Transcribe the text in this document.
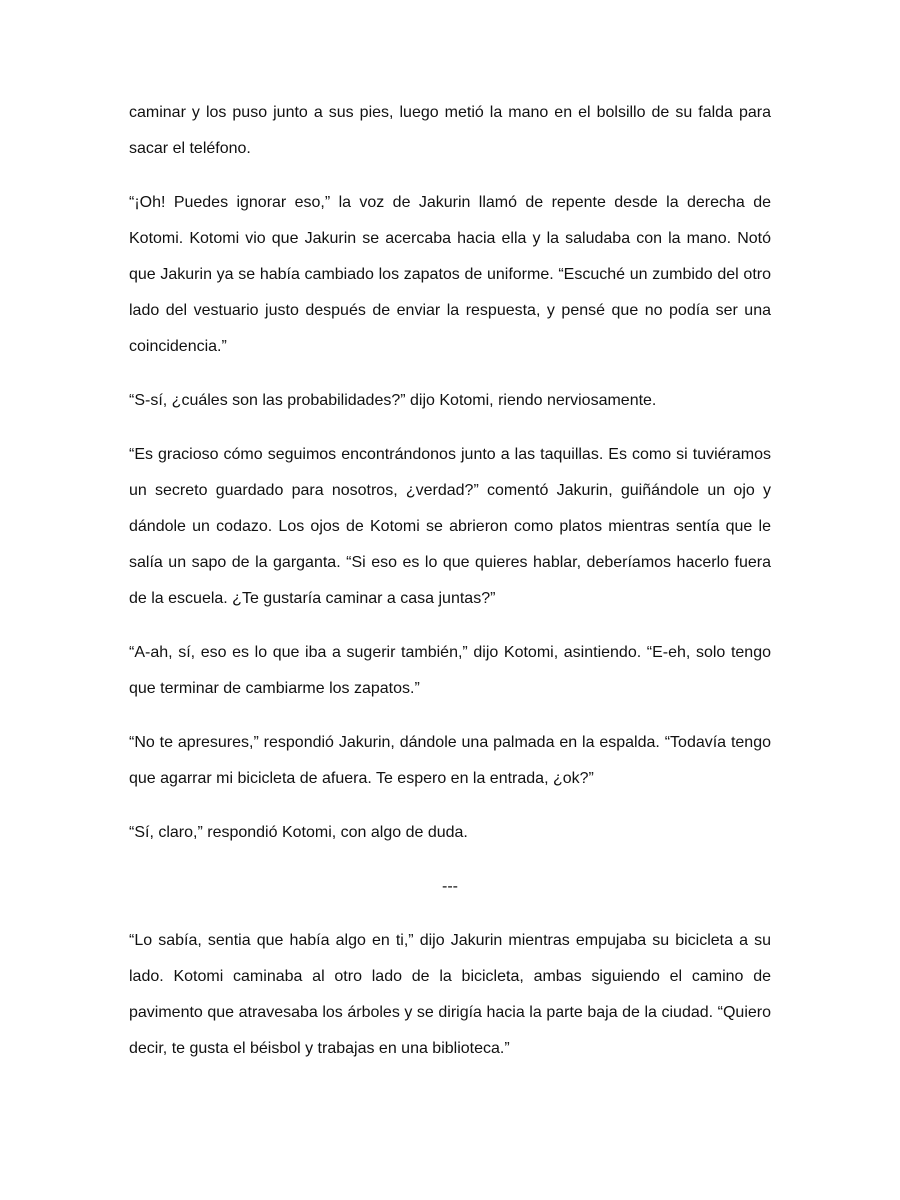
caminar y los puso junto a sus pies, luego metió la mano en el bolsillo de su falda para sacar el teléfono.

“¡Oh! Puedes ignorar eso,” la voz de Jakurin llamó de repente desde la derecha de Kotomi. Kotomi vio que Jakurin se acercaba hacia ella y la saludaba con la mano. Notó que Jakurin ya se había cambiado los zapatos de uniforme. “Escuché un zumbido del otro lado del vestuario justo después de enviar la respuesta, y pensé que no podía ser una coincidencia.”

“S-sí, ¿cuáles son las probabilidades?” dijo Kotomi, riendo nerviosamente.

“Es gracioso cómo seguimos encontrándonos junto a las taquillas. Es como si tuviéramos un secreto guardado para nosotros, ¿verdad?” comentó Jakurin, guiñándole un ojo y dándole un codazo. Los ojos de Kotomi se abrieron como platos mientras sentía que le salía un sapo de la garganta. “Si eso es lo que quieres hablar, deberíamos hacerlo fuera de la escuela. ¿Te gustaría caminar a casa juntas?”

“A-ah, sí, eso es lo que iba a sugerir también,” dijo Kotomi, asintiendo. “E-eh, solo tengo que terminar de cambiarme los zapatos.”

“No te apresures,” respondió Jakurin, dándole una palmada en la espalda. “Todavía tengo que agarrar mi bicicleta de afuera. Te espero en la entrada, ¿ok?”

“Sí, claro,” respondió Kotomi, con algo de duda.

---

“Lo sabía, sentia que había algo en ti,” dijo Jakurin mientras empujaba su bicicleta a su lado. Kotomi caminaba al otro lado de la bicicleta, ambas siguiendo el camino de pavimento que atravesaba los árboles y se dirigía hacia la parte baja de la ciudad. “Quiero decir, te gusta el béisbol y trabajas en una biblioteca.”
